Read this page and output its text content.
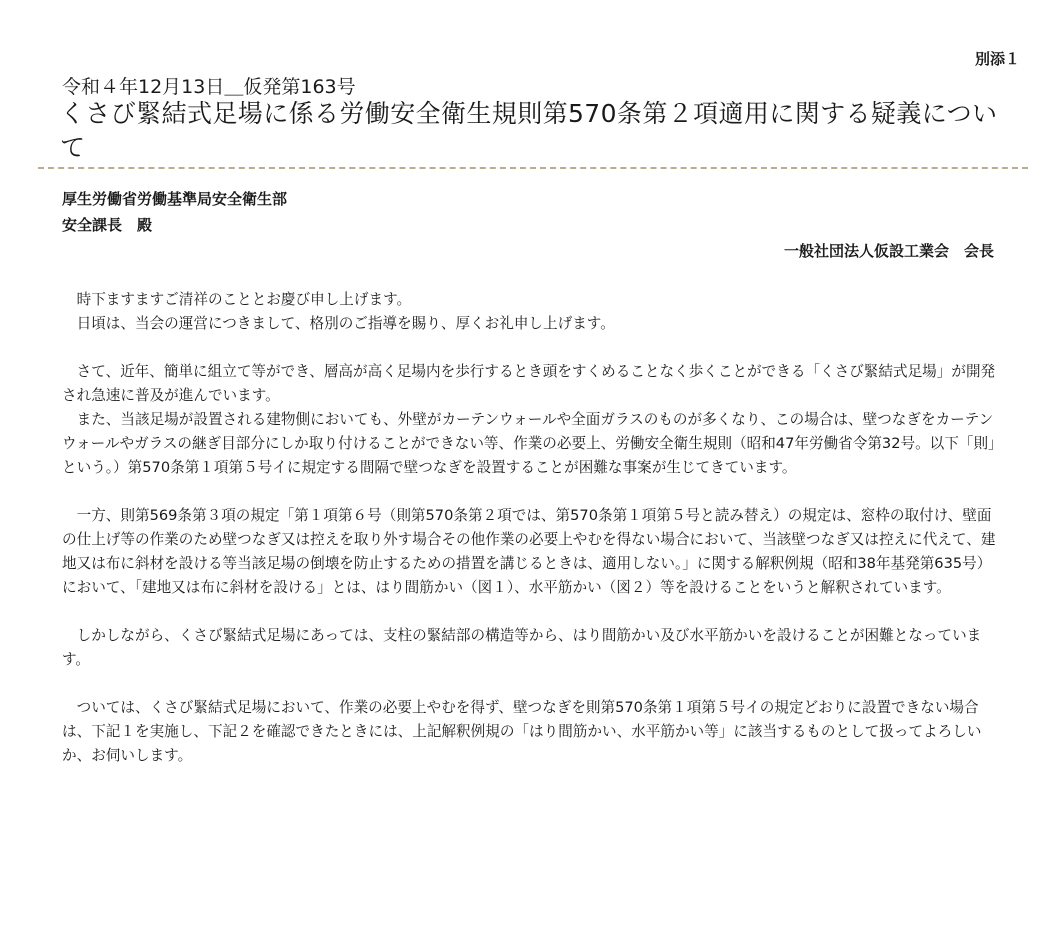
別添１
令和４年12月13日＿仮発第163号
くさび緊結式足場に係る労働安全衛生規則第570条第２項適用に関する疑義について
厚生労働省労働基準局安全衛生部
安全課長　殿
一般社団法人仮設工業会　会長

時下ますますご清祥のこととお慶び申し上げます。

日頃は、当会の運営につきまして、格別のご指導を賜り、厚くお礼申し上げます。

さて、近年、簡単に組立て等ができ、層高が高く足場内を歩行するとき頭をすくめることなく歩くことができる「くさび緊結式足場」が開発され急速に普及が進んでいます。

また、当該足場が設置される建物側においても、外壁がカーテンウォールや全面ガラスのものが多くなり、この場合は、壁つなぎをカーテンウォールやガラスの継ぎ目部分にしか取り付けることができない等、作業の必要上、労働安全衛生規則（昭和47年労働省令第32号。以下「則」という。）第570条第１項第５号イに規定する間隔で壁つなぎを設置することが困難な事案が生じてきています。

一方、則第569条第３項の規定「第１項第６号（則第570条第２項では、第570条第１項第５号と読み替え）の規定は、窓枠の取付け、壁面の仕上げ等の作業のため壁つなぎ又は控えを取り外す場合その他作業の必要上やむを得ない場合において、当該壁つなぎ又は控えに代えて、建地又は布に斜材を設ける等当該足場の倒壊を防止するための措置を講じるときは、適用しない。」に関する解釈例規（昭和38年基発第635号）において、「建地又は布に斜材を設ける」とは、はり間筋かい（図１）、水平筋かい（図２）等を設けることをいうと解釈されています。

しかしながら、くさび緊結式足場にあっては、支柱の緊結部の構造等から、はり間筋かい及び水平筋かいを設けることが困難となっています。

ついては、くさび緊結式足場において、作業の必要上やむを得ず、壁つなぎを則第570条第１項第５号イの規定どおりに設置できない場合は、下記１を実施し、下記２を確認できたときには、上記解釈例規の「はり間筋かい、水平筋かい等」に該当するものとして扱ってよろしいか、お伺いします。
